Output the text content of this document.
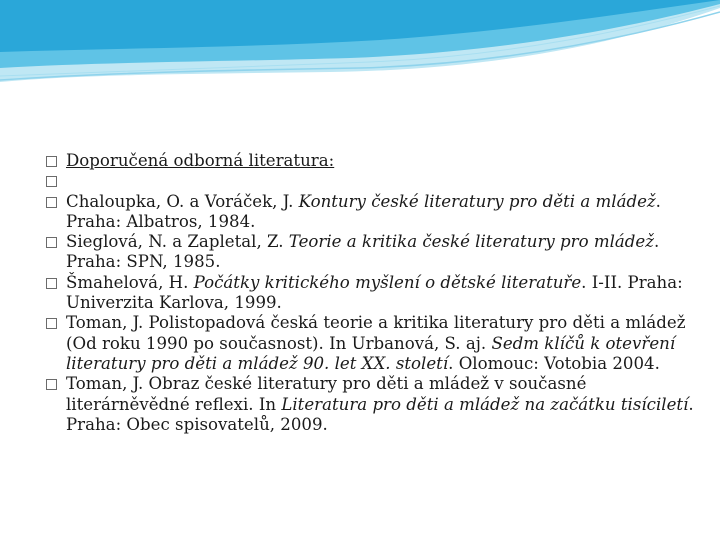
Doporučená odborná literatura:
Chaloupka, O. a Voráček, J. Kontury české literatury pro děti a mládež. Praha: Albatros, 1984.
Sieglová, N. a Zapletal, Z. Teorie a kritika české literatury pro mládež. Praha: SPN, 1985.
Šmahelová, H. Počátky kritického myšlení o dětské literatuře. I-II. Praha: Univerzita Karlova, 1999.
Toman, J. Polistopadová česká teorie a kritika literatury pro děti a mládež (Od roku 1990 po současnost). In Urbanová, S. aj. Sedm klíčů k otevření literatury pro děti a mládež 90. let XX. století. Olomouc: Votobia 2004.
Toman, J. Obraz české literatury pro děti a mládež v současné literárněvědné reflexi. In Literatura pro děti a mládež na začátku tisíciletí. Praha: Obec spisovatelů, 2009.
